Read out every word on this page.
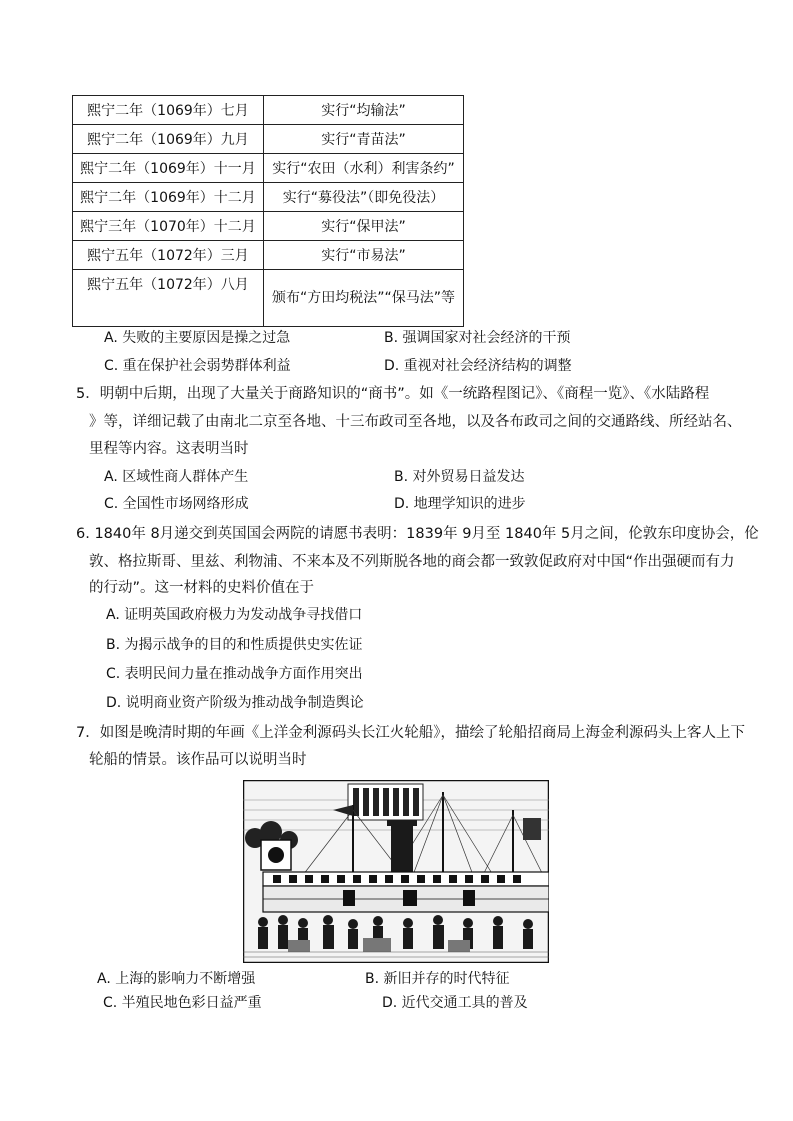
熙宁二年（1069年）七月	实行“均输法”
熙宁二年（1069年）九月	实行“青苗法”
熙宁二年（1069年）十一月	实行“农田（水利）利害条约”
熙宁二年（1069年）十二月	实行“募役法”（即免役法）
熙宁三年（1070年）十二月	实行“保甲法”
熙宁五年（1072年）三月	实行“市易法”
熙宁五年（1072年）八月	颁布“方田均税法”“保马法”等
A. 失败的主要原因是操之过急	B. 强调国家对社会经济的干预
C. 重在保护社会弱势群体利益	D. 重视对社会经济结构的调整
5．明朝中后期，出现了大量关于商路知识的“商书”。如《一统路程图记》、《商程一览》、《水陆路程
》等，详细记载了由南北二京至各地、十三布政司至各地，以及各布政司之间的交通路线、所经站名、
里程等内容。这表明当时
A. 区域性商人群体产生	B. 对外贸易日益发达
C. 全国性市场网络形成	D. 地理学知识的进步
6. 1840年 8月递交到英国国会两院的请愿书表明：1839年 9月至 1840年 5月之间，伦敦东印度协会，伦
敦、格拉斯哥、里兹、利物浦、不来本及不列斯脱各地的商会都一致敦促政府对中国“作出强硬而有力
的行动”。这一材料的史料价值在于
A. 证明英国政府极力为发动战争寻找借口
B. 为揭示战争的目的和性质提供史实佐证
C. 表明民间力量在推动战争方面作用突出
D. 说明商业资产阶级为推动战争制造舆论
7．如图是晚清时期的年画《上洋金利源码头长江火轮船》，描绘了轮船招商局上海金利源码头上客人上下
轮船的情景。该作品可以说明当时
A. 上海的影响力不断增强	B. 新旧并存的时代特征
C. 半殖民地色彩日益严重	D. 近代交通工具的普及
